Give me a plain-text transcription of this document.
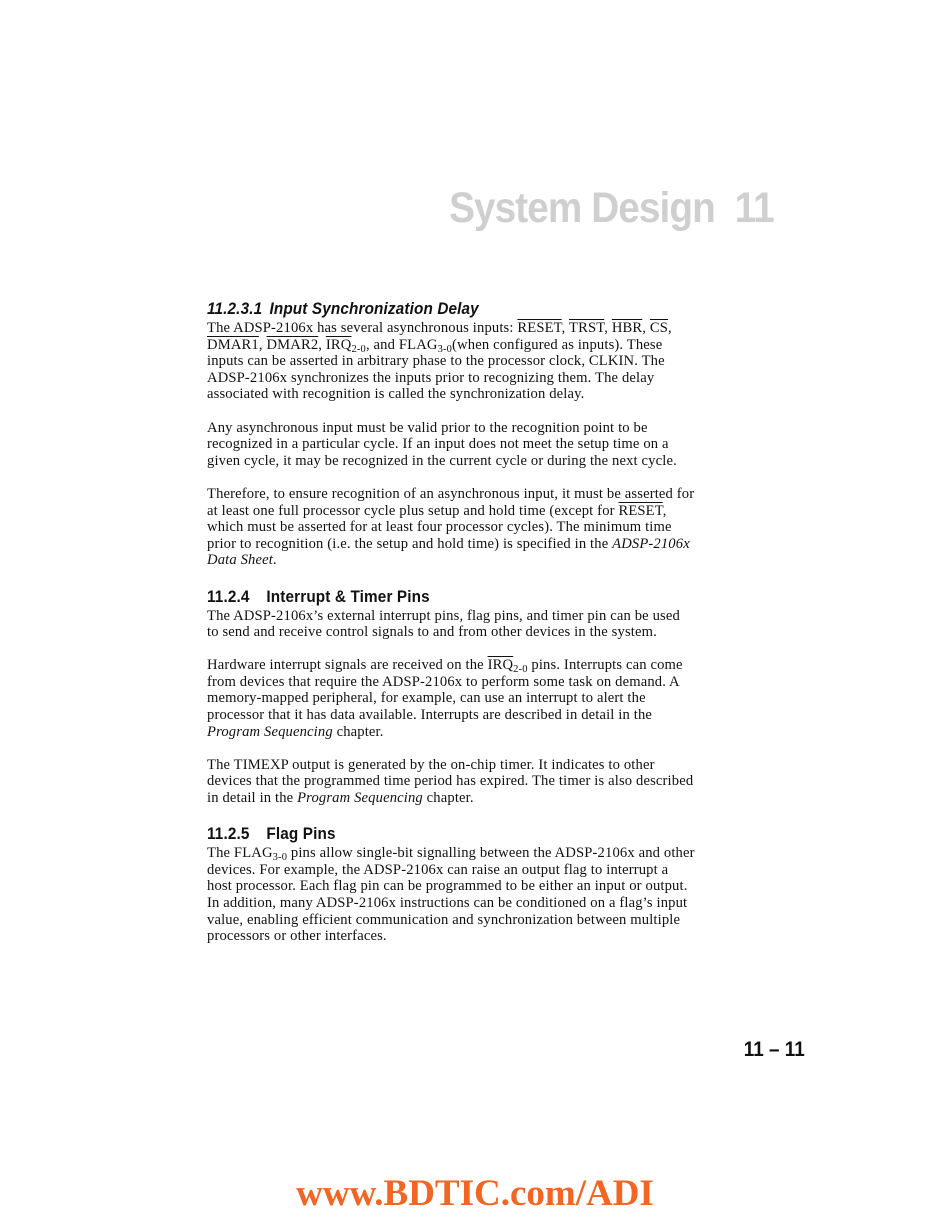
System Design 11
11.2.3.1 Input Synchronization Delay

The ADSP-2106x has several asynchronous inputs: RESET, TRST, $\overline{HBR}$, $\overline{CS}$, DMAR1, DMAR2, $\overline{IRQ}_{2-0}$, and $FLAG_{3-0}(when$ configured as inputs). These inputs can be asserted in arbitrary phase to the processor clock, CLKIN. The ADSP-2106x synchronizes the inputs prior to recognizing them. The delay associated with recognition is called the synchronization delay.

Any asynchronous input must be valid prior to the recognition point to be recognized in a particular cycle. If an input does not meet the setup time on a given cycle, it may be recognized in the current cycle or during the next cycle.

Therefore, to ensure recognition of an asynchronous input, it must be asserted for at least one full processor cycle plus setup and hold time (except for RESET, which must be asserted for at least four processor cycles). The minimum time prior to recognition (i.e. the setup and hold time) is specified in the ADSP-2106x Data Sheet.

11.2.4 Interrupt & Timer Pins

The ADSP-2106x’s external interrupt pins, flag pins, and timer pin can be used to send and receive control signals to and from other devices in the system.

Hardware interrupt signals are received on the $\overline{IRQ}_{2-0}$ pins. Interrupts can come from devices that require the ADSP-2106x to perform some task on demand. A memory-mapped peripheral, for example, can use an interrupt to alert the processor that it has data available. Interrupts are described in detail in the Program Sequencing chapter.

The TIMEXP output is generated by the on-chip timer. It indicates to other devices that the programmed time period has expired. The timer is also described in detail in the Program Sequencing chapter.

11.2.5 Flag Pins

The $FLAG_{3-0}$ pins allow single-bit signalling between the ADSP-2106x and other devices. For example, the ADSP-2106x can raise an output flag to interrupt a host processor. Each flag pin can be programmed to be either an input or output. In addition, many ADSP-2106x instructions can be conditioned on a flag’s input value, enabling efficient communication and synchronization between multiple processors or other interfaces.

11 – 11
www.BDTIC.com/ADI
